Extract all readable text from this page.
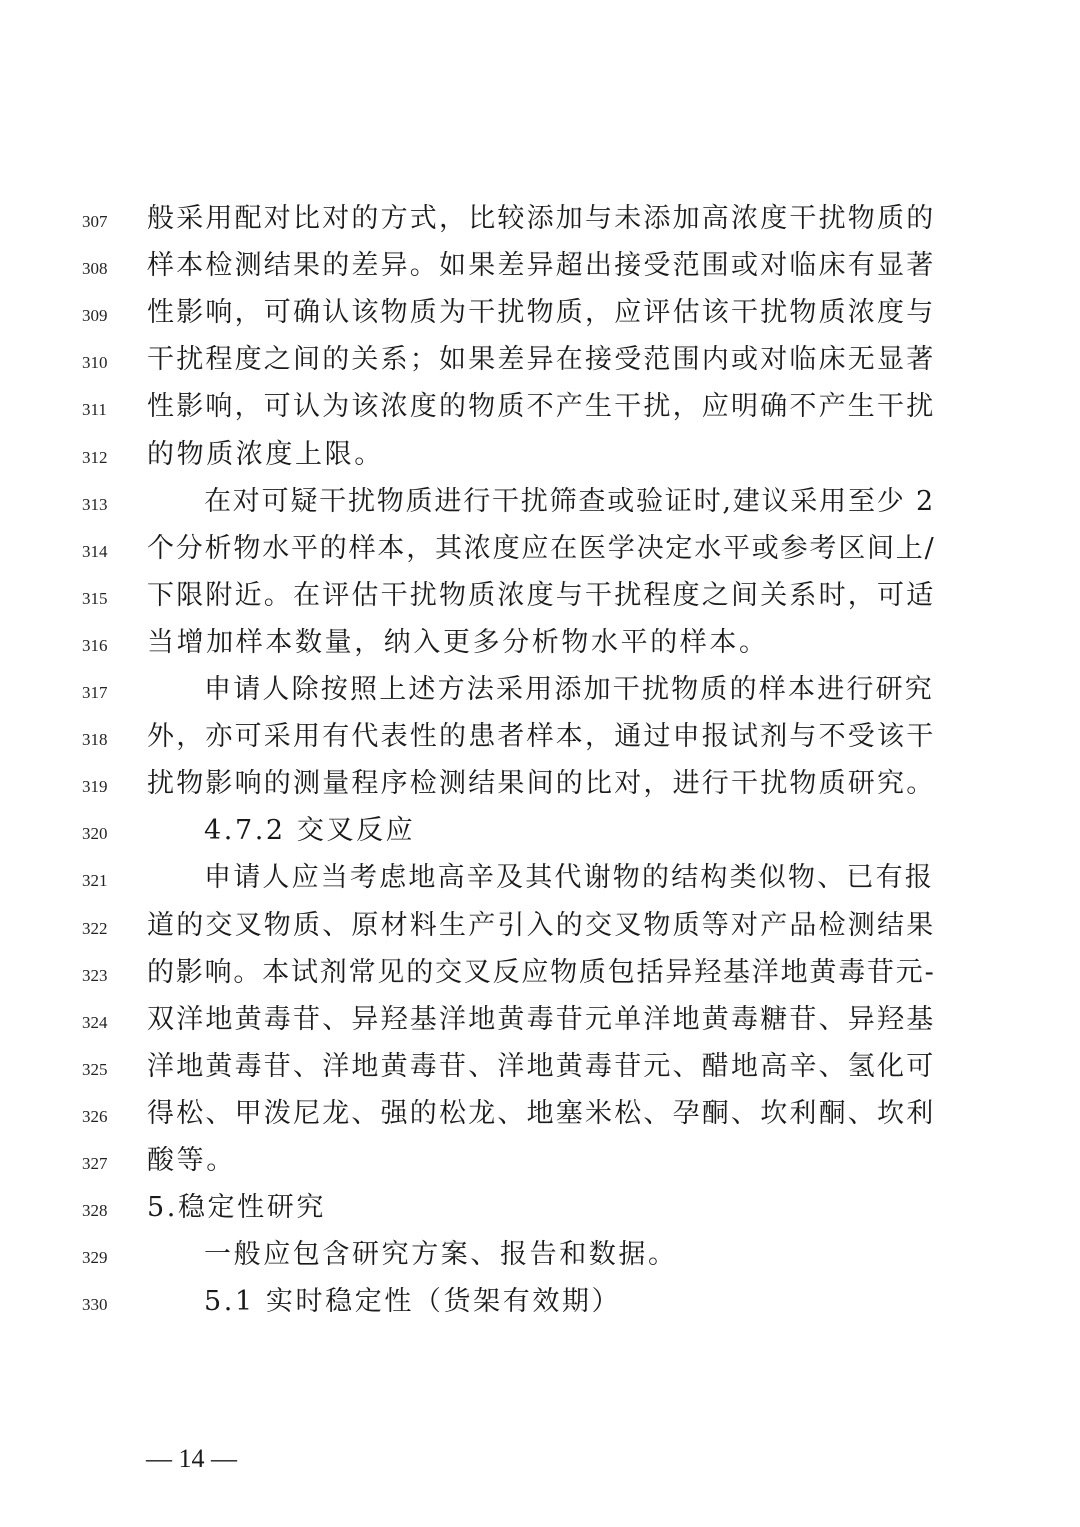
307 般采用配对比对的方式，比较添加与未添加高浓度干扰物质的
308 样本检测结果的差异。如果差异超出接受范围或对临床有显著
309 性影响，可确认该物质为干扰物质，应评估该干扰物质浓度与
310 干扰程度之间的关系；如果差异在接受范围内或对临床无显著
311 性影响，可认为该浓度的物质不产生干扰，应明确不产生干扰
312 的物质浓度上限。
313	在对可疑干扰物质进行干扰筛查或验证时,建议采用至少 2
314 个分析物水平的样本，其浓度应在医学决定水平或参考区间上/
315 下限附近。在评估干扰物质浓度与干扰程度之间关系时，可适
316 当增加样本数量，纳入更多分析物水平的样本。
317	申请人除按照上述方法采用添加干扰物质的样本进行研究
318 外，亦可采用有代表性的患者样本，通过申报试剂与不受该干
319 扰物影响的测量程序检测结果间的比对，进行干扰物质研究。
320	4.7.2 交叉反应
321	申请人应当考虑地高辛及其代谢物的结构类似物、已有报
322 道的交叉物质、原材料生产引入的交叉物质等对产品检测结果
323 的影响。本试剂常见的交叉反应物质包括异羟基洋地黄毒苷元-
324 双洋地黄毒苷、异羟基洋地黄毒苷元单洋地黄毒糖苷、异羟基
325 洋地黄毒苷、洋地黄毒苷、洋地黄毒苷元、醋地高辛、氢化可
326 得松、甲泼尼龙、强的松龙、地塞米松、孕酮、坎利酮、坎利
327 酸等。
328 5.稳定性研究
329	一般应包含研究方案、报告和数据。
330	5.1 实时稳定性（货架有效期）
— 14 —
